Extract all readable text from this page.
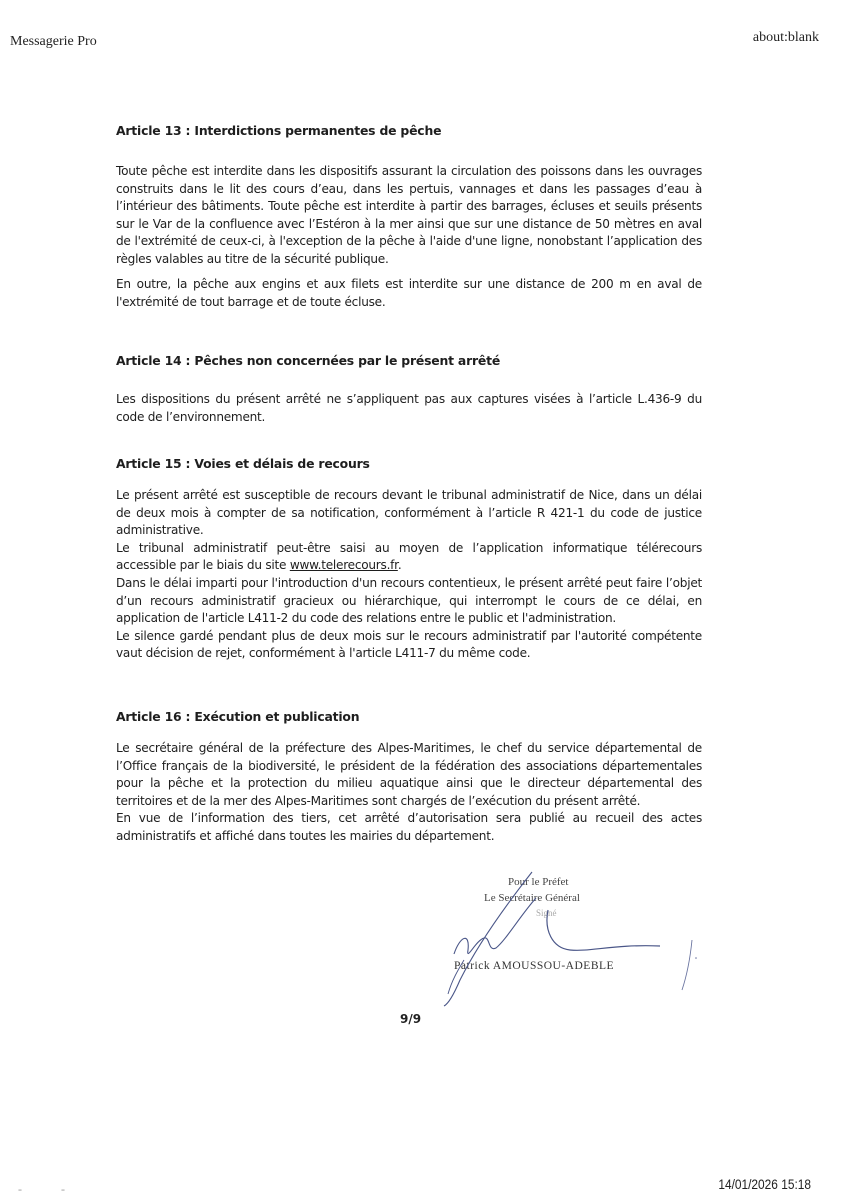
Messagerie Pro	about:blank
Article 13 : Interdictions permanentes de pêche

Toute pêche est interdite dans les dispositifs assurant la circulation des poissons dans les ouvrages construits dans le lit des cours d’eau, dans les pertuis, vannages et dans les passages d’eau à l’intérieur des bâtiments. Toute pêche est interdite à partir des barrages, écluses et seuils présents sur le Var de la confluence avec l’Estéron à la mer ainsi que sur une distance de 50 mètres en aval de l'extrémité de ceux-ci, à l'exception de la pêche à l'aide d'une ligne, nonobstant l’application des règles valables au titre de la sécurité publique.

En outre, la pêche aux engins et aux filets est interdite sur une distance de 200 m en aval de l'extrémité de tout barrage et de toute écluse.

Article 14 : Pêches non concernées par le présent arrêté

Les dispositions du présent arrêté ne s’appliquent pas aux captures visées à l’article L.436-9 du code de l’environnement.

Article 15 : Voies et délais de recours

Le présent arrêté est susceptible de recours devant le tribunal administratif de Nice, dans un délai de deux mois à compter de sa notification, conformément à l’article R 421-1 du code de justice administrative.

Le tribunal administratif peut-être saisi au moyen de l’application informatique télérecours accessible par le biais du site www.telerecours.fr.

Dans le délai imparti pour l'introduction d'un recours contentieux, le présent arrêté peut faire l’objet d’un recours administratif gracieux ou hiérarchique, qui interrompt le cours de ce délai, en application de l'article L411-2 du code des relations entre le public et l'administration.

Le silence gardé pendant plus de deux mois sur le recours administratif par l'autorité compétente vaut décision de rejet, conformément à l'article L411-7 du même code.

Article 16 : Exécution et publication

Le secrétaire général de la préfecture des Alpes-Maritimes, le chef du service départemental de l’Office français de la biodiversité, le président de la fédération des associations départementales pour la pêche et la protection du milieu aquatique ainsi que le directeur départemental des territoires et de la mer des Alpes-Maritimes sont chargés de l’exécution du présent arrêté.

En vue de l’information des tiers, cet arrêté d’autorisation sera publié au recueil des actes administratifs et affiché dans toutes les mairies du département.

Pour le Préfet
Le Secrétaire Général
Signé
Patrick AMOUSSOU-ADEBLE
9/9
- -	14/01/2026 15:18
